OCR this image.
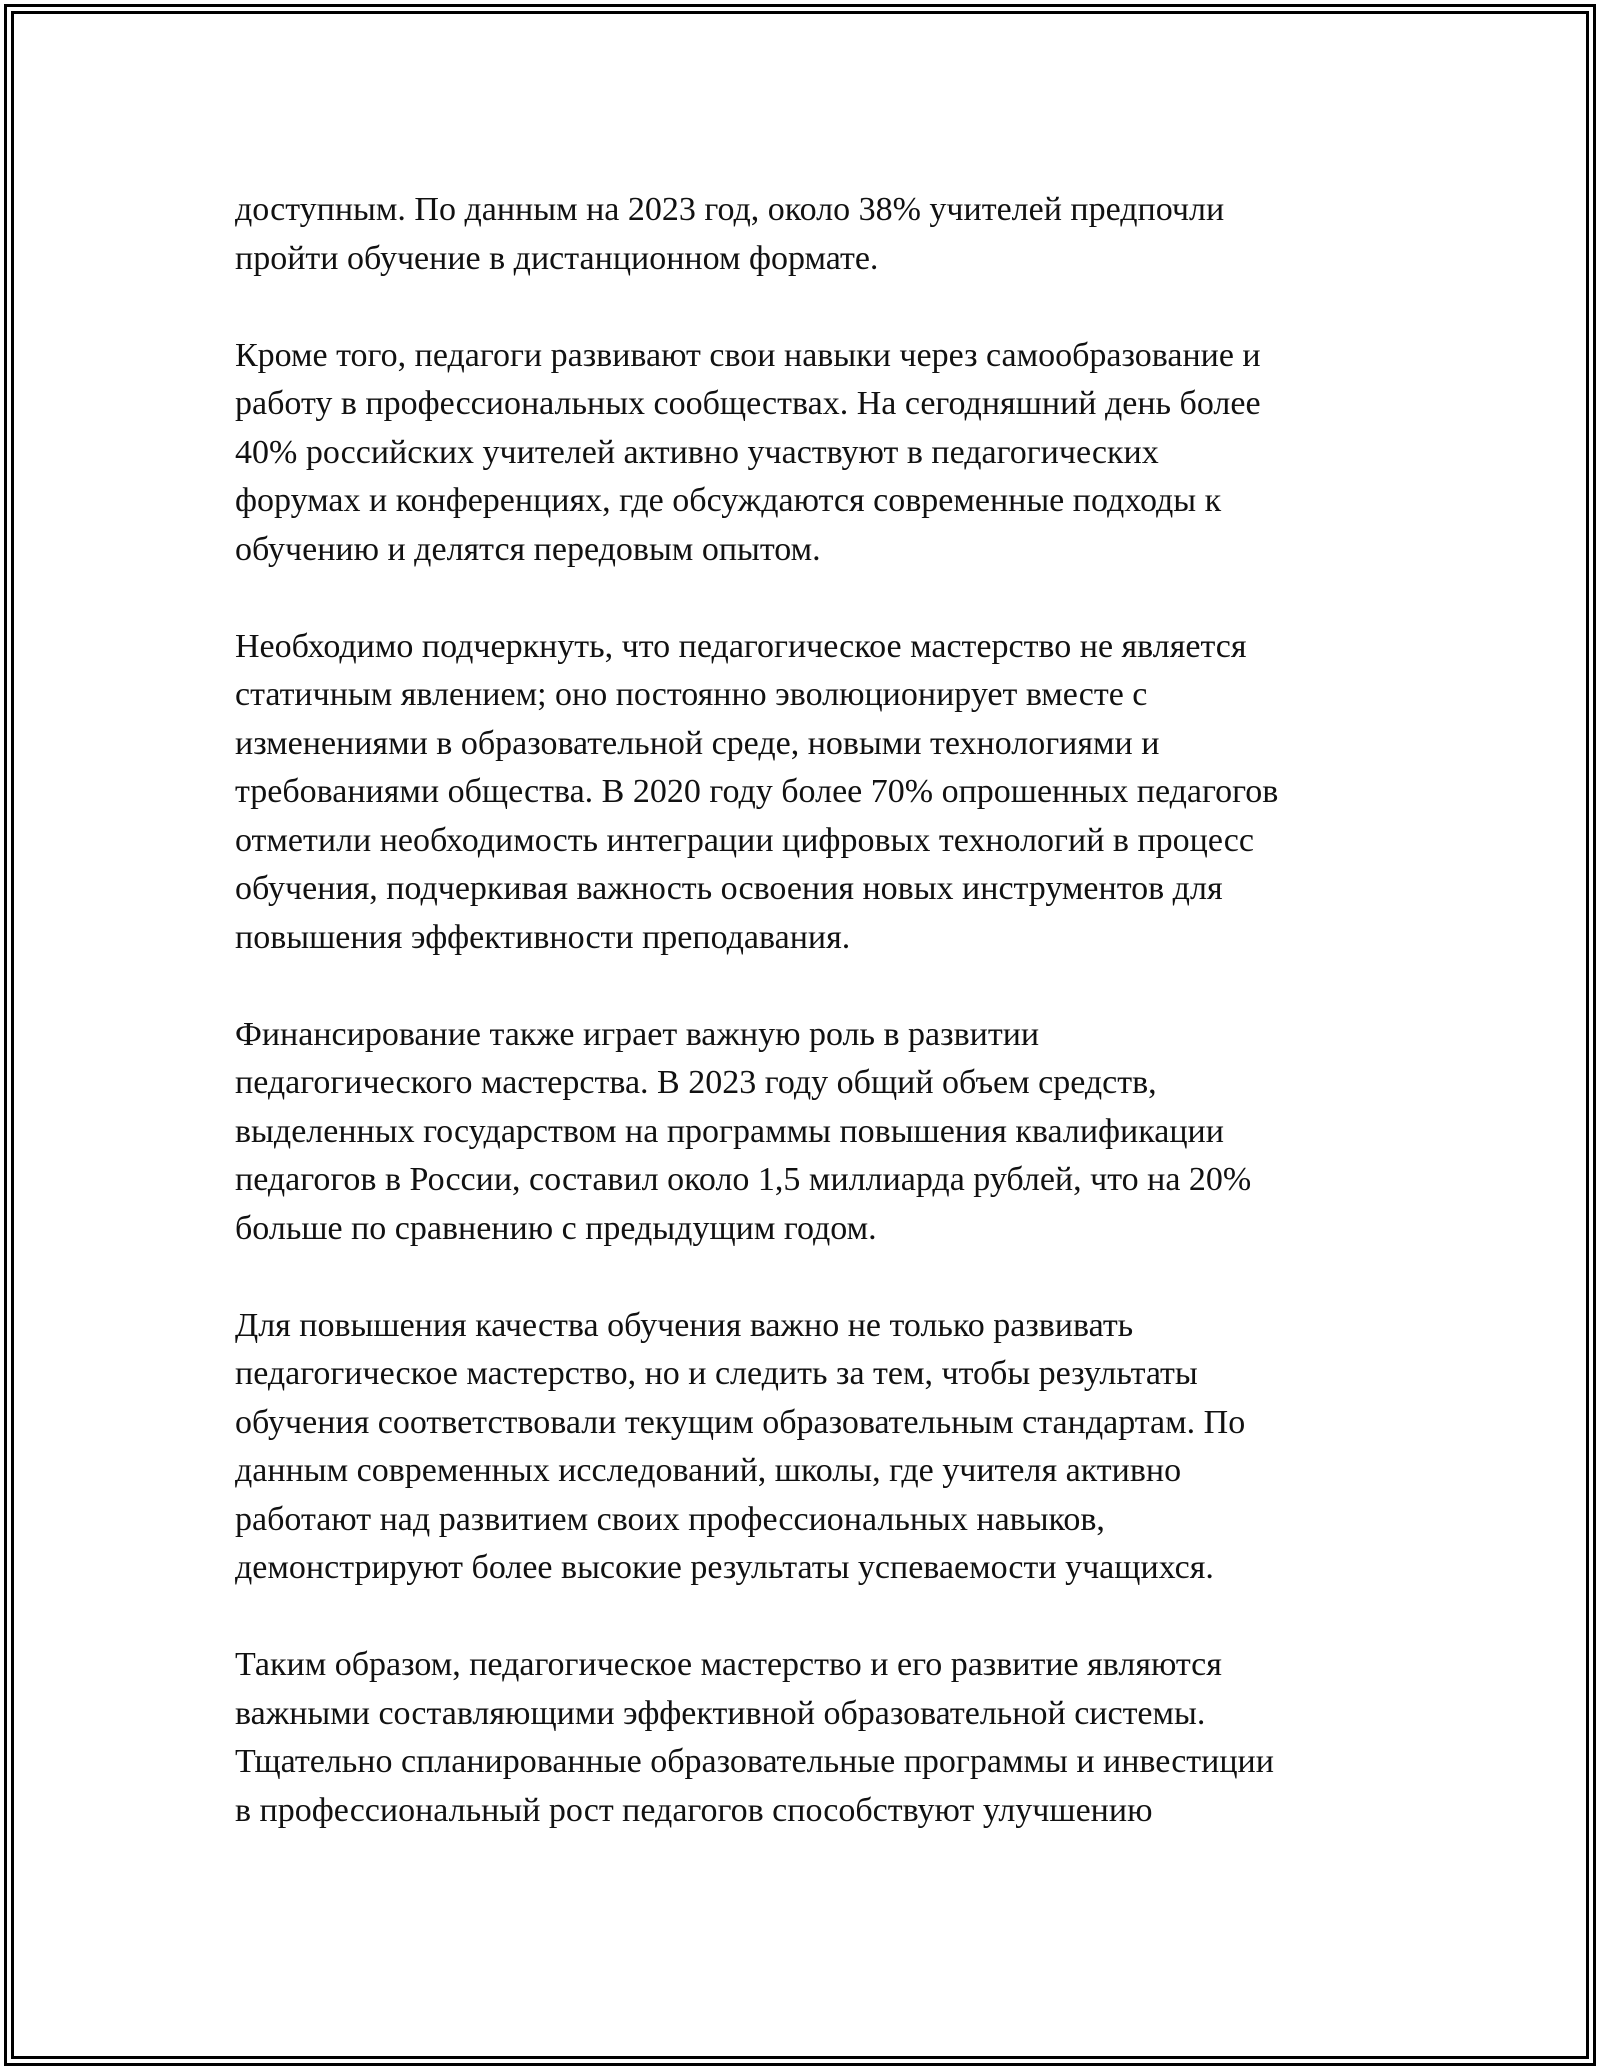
доступным. По данным на 2023 год, около 38% учителей предпочли
пройти обучение в дистанционном формате.

Кроме того, педагоги развивают свои навыки через самообразование и
работу в профессиональных сообществах. На сегодняшний день более
40% российских учителей активно участвуют в педагогических
форумах и конференциях, где обсуждаются современные подходы к
обучению и делятся передовым опытом.

Необходимо подчеркнуть, что педагогическое мастерство не является
статичным явлением; оно постоянно эволюционирует вместе с
изменениями в образовательной среде, новыми технологиями и
требованиями общества. В 2020 году более 70% опрошенных педагогов
отметили необходимость интеграции цифровых технологий в процесс
обучения, подчеркивая важность освоения новых инструментов для
повышения эффективности преподавания.

Финансирование также играет важную роль в развитии
педагогического мастерства. В 2023 году общий объем средств,
выделенных государством на программы повышения квалификации
педагогов в России, составил около 1,5 миллиарда рублей, что на 20%
больше по сравнению с предыдущим годом.

Для повышения качества обучения важно не только развивать
педагогическое мастерство, но и следить за тем, чтобы результаты
обучения соответствовали текущим образовательным стандартам. По
данным современных исследований, школы, где учителя активно
работают над развитием своих профессиональных навыков,
демонстрируют более высокие результаты успеваемости учащихся.

Таким образом, педагогическое мастерство и его развитие являются
важными составляющими эффективной образовательной системы.
Тщательно спланированные образовательные программы и инвестиции
в профессиональный рост педагогов способствуют улучшению
